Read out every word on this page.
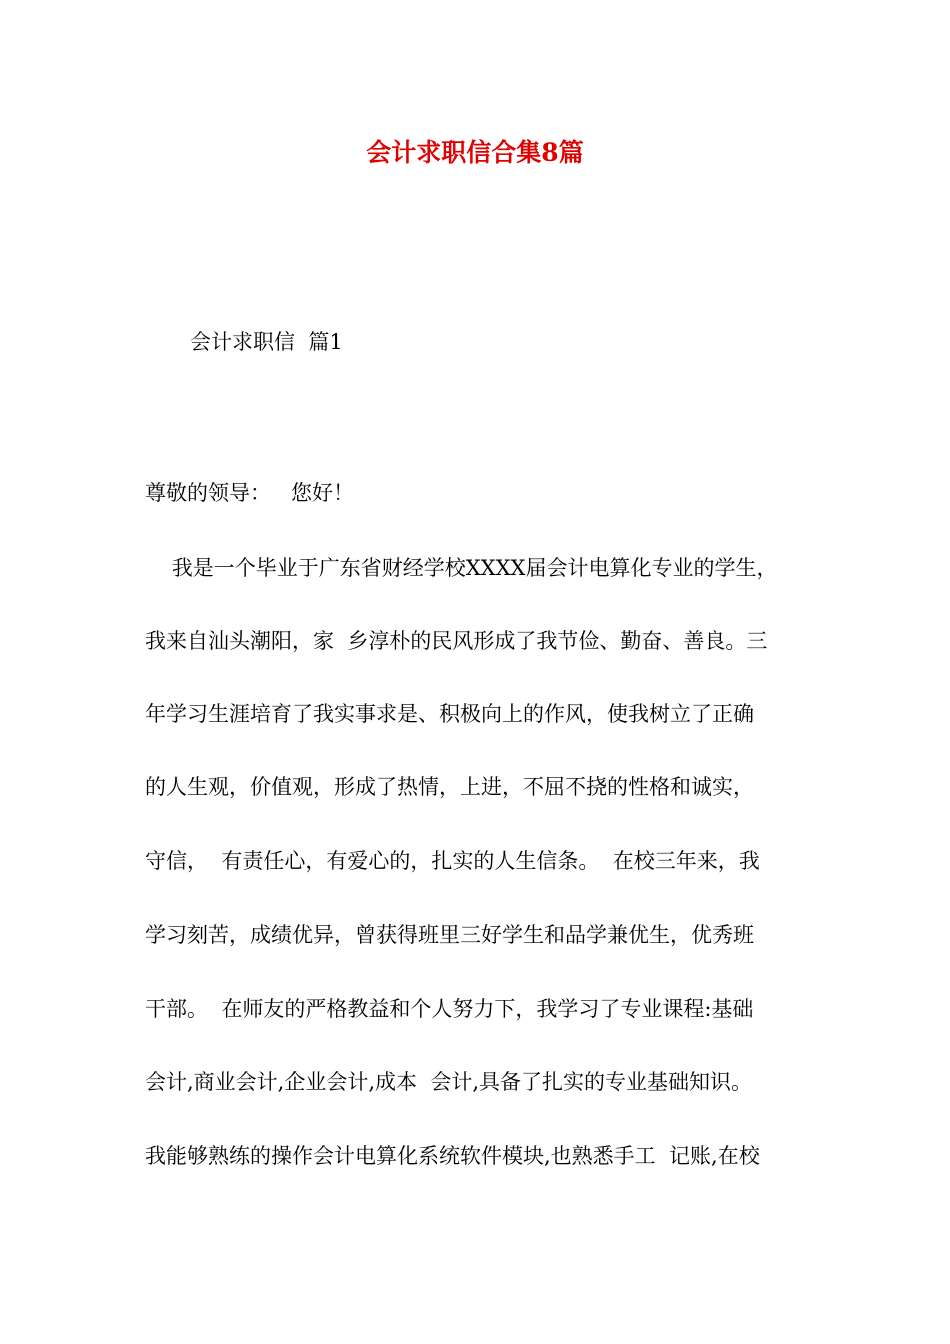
会计求职信合集8篇

会计求职信  篇1

尊敬的领导：   您好！

我是一个毕业于广东省财经学校XXXX届会计电算化专业的学生，

我来自汕头潮阳，家  乡淳朴的民风形成了我节俭、勤奋、善良。三

年学习生涯培育了我实事求是、积极向上的作风，使我树立了正确

的人生观，价值观，形成了热情，上进，不屈不挠的性格和诚实，

守信，  有责任心，有爱心的，扎实的人生信条。  在校三年来，我

学习刻苦，成绩优异，曾获得班里三好学生和品学兼优生，优秀班

干部。  在师友的严格教益和个人努力下，我学习了专业课程:基础

会计,商业会计,企业会计,成本  会计,具备了扎实的专业基础知识。

我能够熟练的操作会计电算化系统软件模块,也熟悉手工  记账,在校
